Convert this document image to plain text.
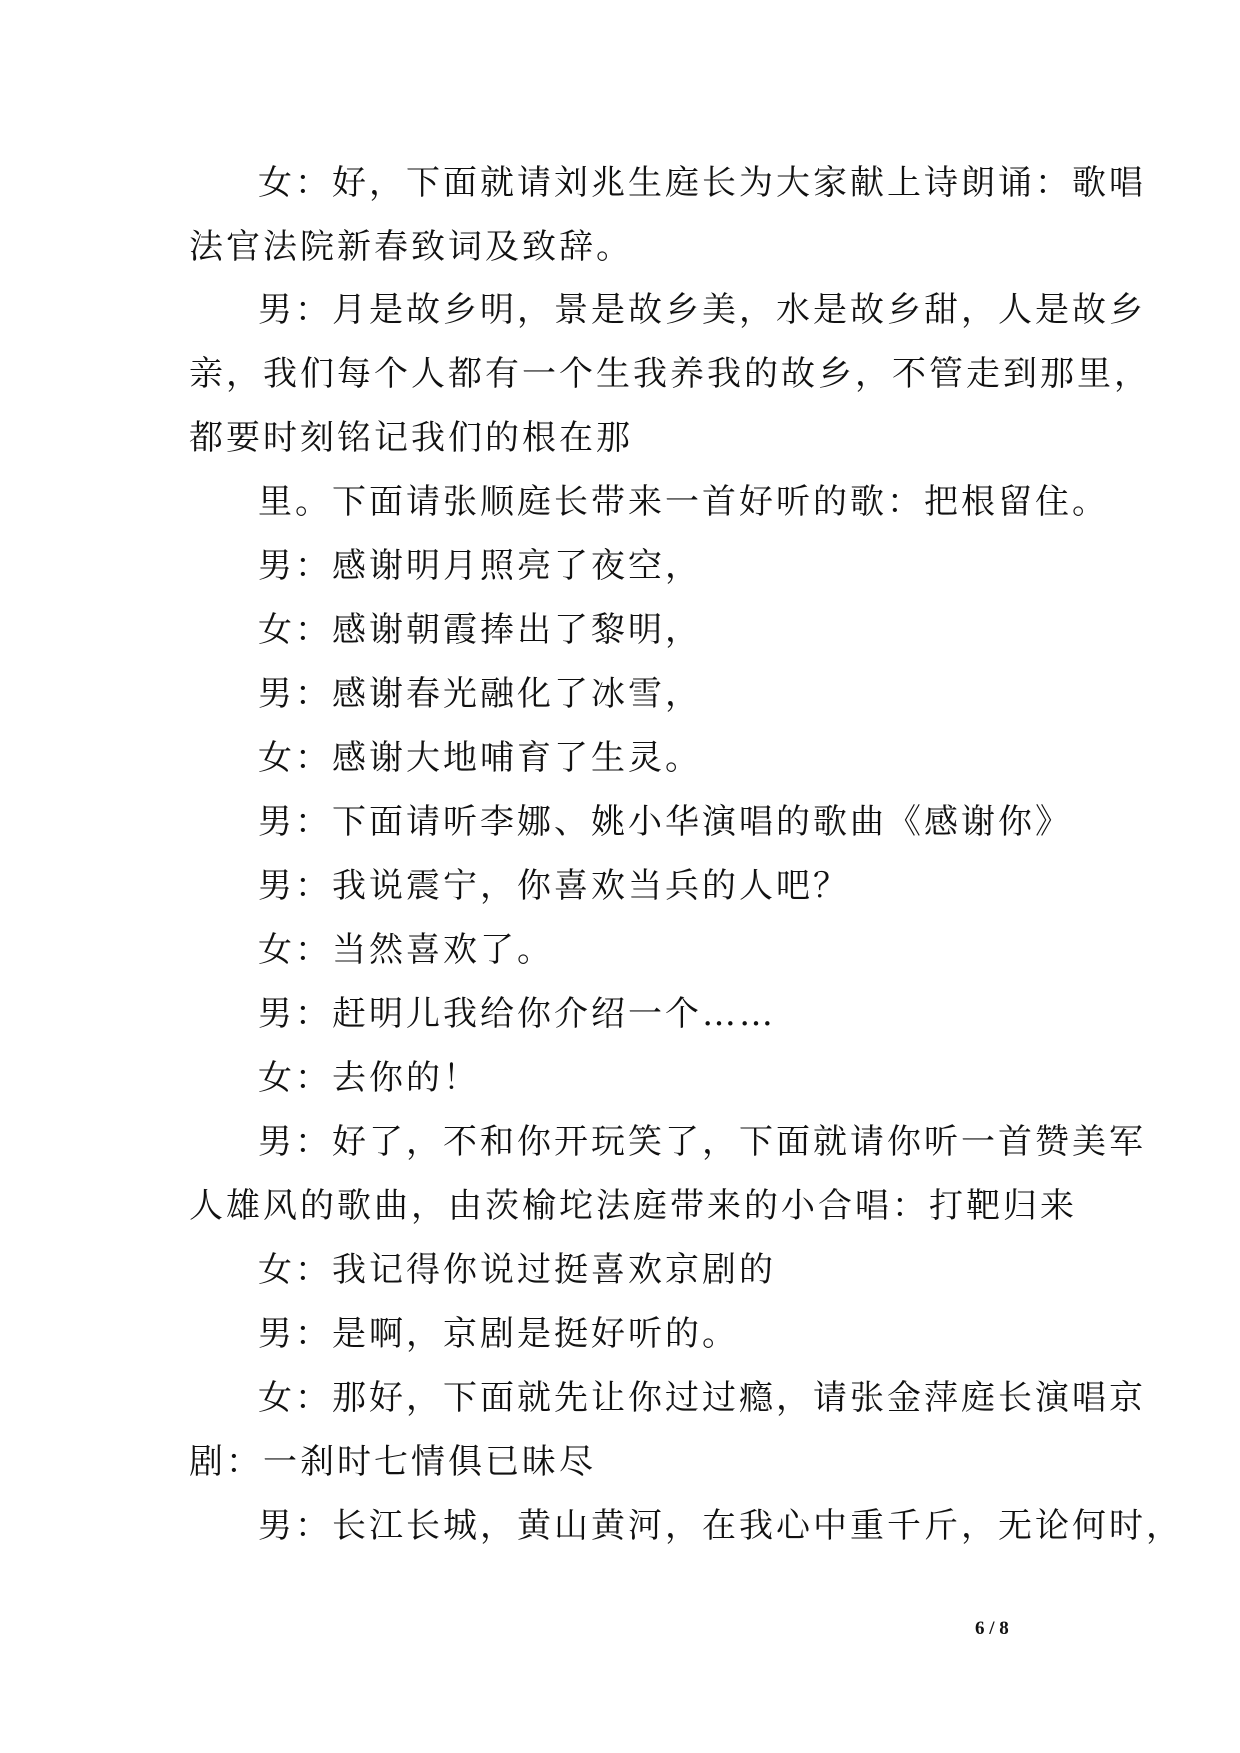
女：好，下面就请刘兆生庭长为大家献上诗朗诵：歌唱
法官法院新春致词及致辞。
男：月是故乡明，景是故乡美，水是故乡甜，人是故乡
亲，我们每个人都有一个生我养我的故乡，不管走到那里，
都要时刻铭记我们的根在那
里。下面请张顺庭长带来一首好听的歌：把根留住。
男：感谢明月照亮了夜空，
女：感谢朝霞捧出了黎明，
男：感谢春光融化了冰雪，
女：感谢大地哺育了生灵。
男：下面请听李娜、姚小华演唱的歌曲《感谢你》
男：我说震宁，你喜欢当兵的人吧？
女：当然喜欢了。
男：赶明儿我给你介绍一个……
女：去你的！
男：好了，不和你开玩笑了，下面就请你听一首赞美军
人雄风的歌曲，由茨榆坨法庭带来的小合唱：打靶归来
女：我记得你说过挺喜欢京剧的
男：是啊，京剧是挺好听的。
女：那好，下面就先让你过过瘾，请张金萍庭长演唱京
剧：一刹时七情俱已昧尽
男：长江长城，黄山黄河，在我心中重千斤，无论何时，
6 / 8
